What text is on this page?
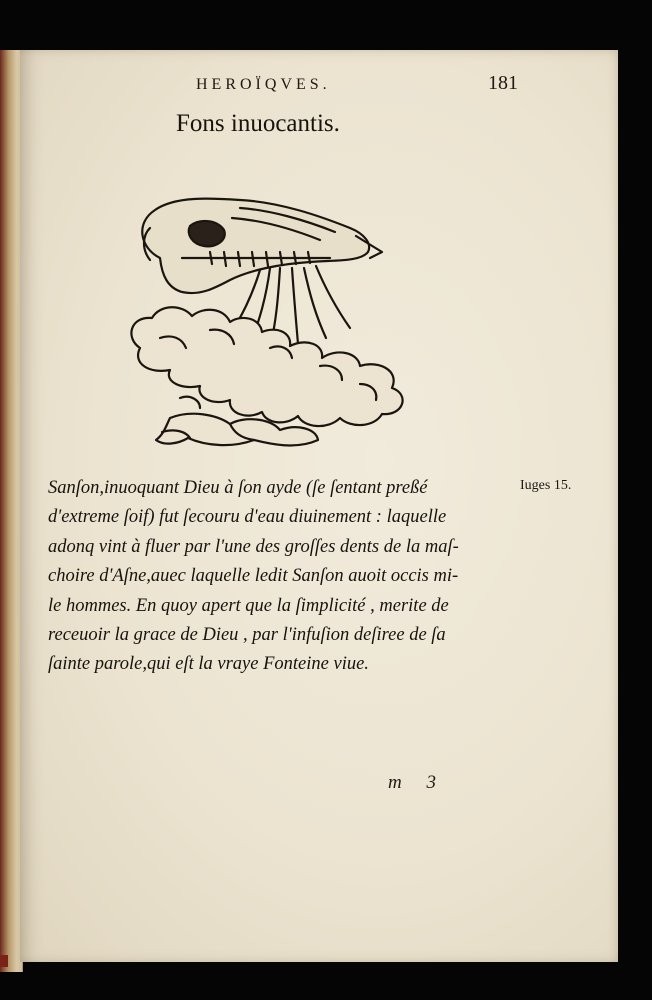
HEROÏQVES.	181
Fons inuocantis.

Sanſon,inuoquant Dieu à ſon ayde (ſe ſentant preßé
d'extreme ſoif) fut ſecouru d'eau diuinement : laquelle
adonq vint à fluer par l'une des groſſes dents de la maſ-
choire d'Aſne,auec laquelle ledit Sanſon auoit occis mi-
le hommes. En quoy apert que la ſimplicité , merite de
receuoir la grace de Dieu , par l'infuſion deſiree de ſa
ſainte parole,qui eſt la vraye Fonteine viue.

Iuges 15.
m 3
